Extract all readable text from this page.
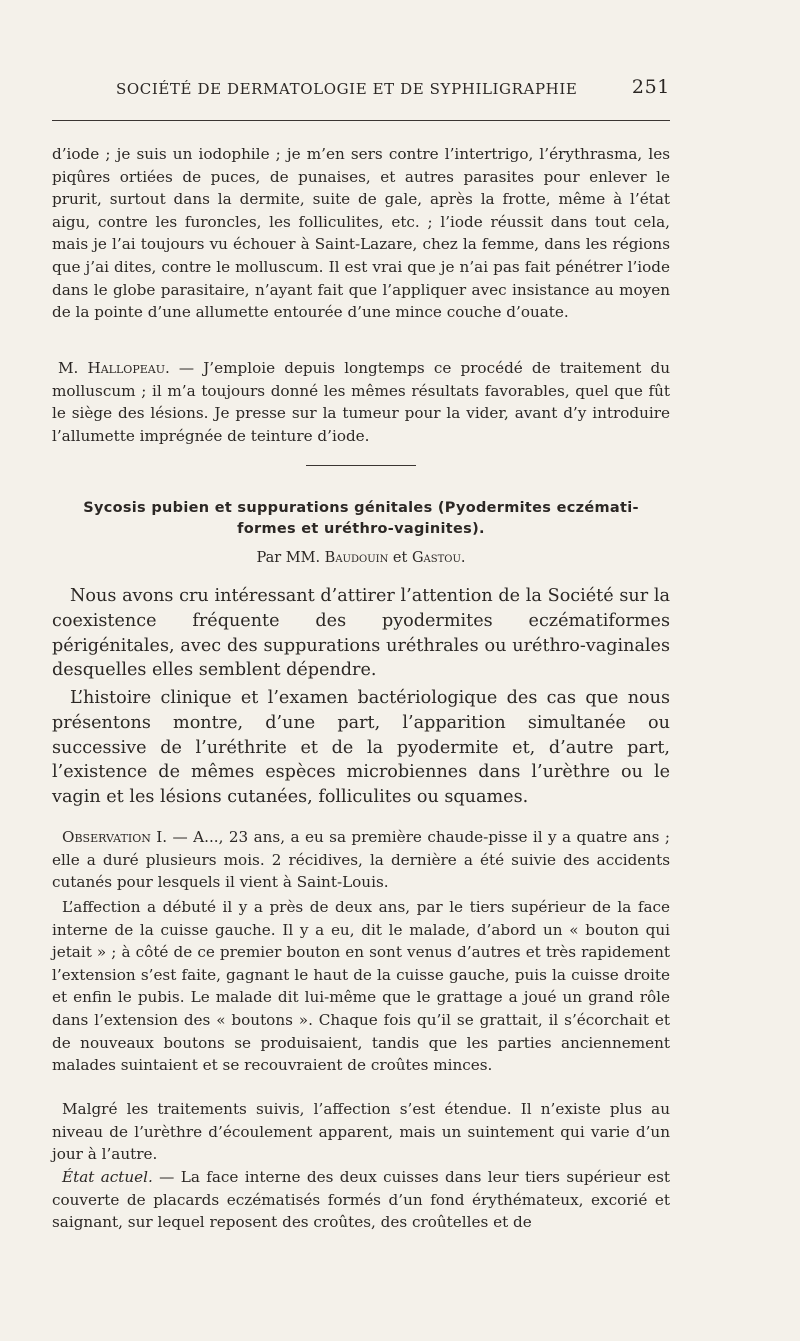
SOCIÉTÉ DE DERMATOLOGIE ET DE SYPHILIGRAPHIE	251

d’iode ; je suis un iodophile ; je m’en sers contre l’intertrigo, l’érythrasma, les piqûres ortiées de puces, de punaises, et autres parasites pour enlever le prurit, surtout dans la dermite, suite de gale, après la frotte, même à l’état aigu, contre les furoncles, les folliculites, etc. ; l’iode réussit dans tout cela, mais je l’ai toujours vu échouer à Saint-Lazare, chez la femme, dans les régions que j’ai dites, contre le molluscum. Il est vrai que je n’ai pas fait pénétrer l’iode dans le globe parasitaire, n’ayant fait que l’appliquer avec insistance au moyen de la pointe d’une allumette entourée d’une mince couche d’ouate.

M. Hallopeau. — J’emploie depuis longtemps ce procédé de traitement du molluscum ; il m’a toujours donné les mêmes résultats favorables, quel que fût le siège des lésions. Je presse sur la tumeur pour la vider, avant d’y introduire l’allumette imprégnée de teinture d’iode.

Sycosis pubien et suppurations génitales (Pyodermites eczémati-
formes et uréthro-vaginites).
Par MM. Baudouin et Gastou.

Nous avons cru intéressant d’attirer l’attention de la Société sur la coexistence fréquente des pyodermites eczématiformes périgénitales, avec des suppurations uréthrales ou uréthro-vaginales desquelles elles semblent dépendre.

L’histoire clinique et l’examen bactériologique des cas que nous présentons montre, d’une part, l’apparition simultanée ou successive de l’uréthrite et de la pyodermite et, d’autre part, l’existence de mêmes espèces microbiennes dans l’urèthre ou le vagin et les lésions cutanées, folliculites ou squames.

Observation I. — A..., 23 ans, a eu sa première chaude-pisse il y a quatre ans ; elle a duré plusieurs mois. 2 récidives, la dernière a été suivie des accidents cutanés pour lesquels il vient à Saint-Louis.

L’affection a débuté il y a près de deux ans, par le tiers supérieur de la face interne de la cuisse gauche. Il y a eu, dit le malade, d’abord un « bouton qui jetait » ; à côté de ce premier bouton en sont venus d’autres et très rapidement l’extension s’est faite, gagnant le haut de la cuisse gauche, puis la cuisse droite et enfin le pubis. Le malade dit lui-même que le grattage a joué un grand rôle dans l’extension des « boutons ». Chaque fois qu’il se grattait, il s’écorchait et de nouveaux boutons se produisaient, tandis que les parties anciennement malades suintaient et se recouvraient de croûtes minces.

Malgré les traitements suivis, l’affection s’est étendue. Il n’existe plus au niveau de l’urèthre d’écoulement apparent, mais un suintement qui varie d’un jour à l’autre.

État actuel. — La face interne des deux cuisses dans leur tiers supérieur est couverte de placards eczématisés formés d’un fond érythémateux, excorié et saignant, sur lequel reposent des croûtes, des croûtelles et de
